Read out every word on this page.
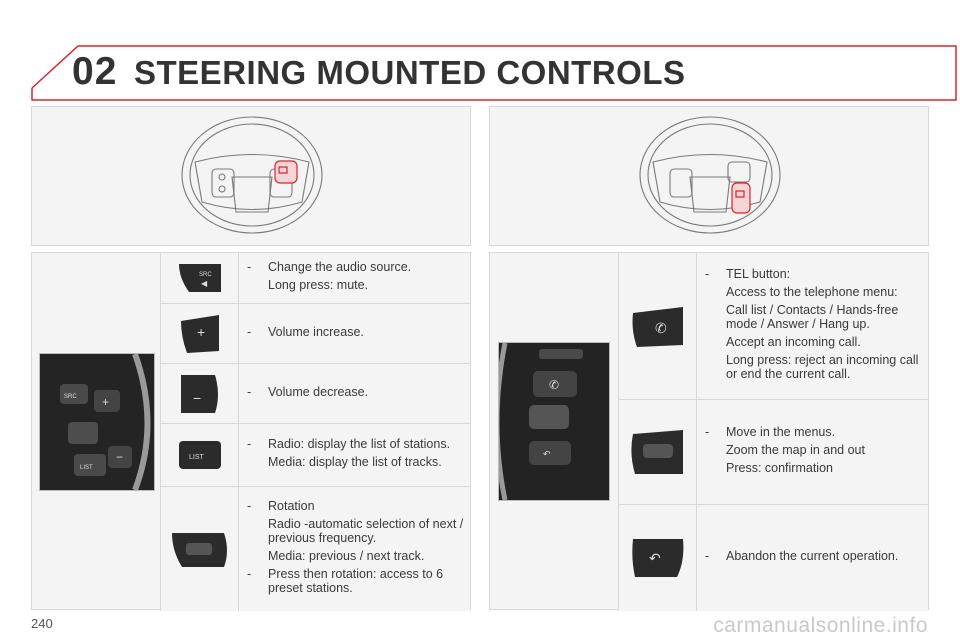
02 STEERING MOUNTED CONTROLS
SRC +
LIST
−
SRC
◀
-	Change the audio source.
Long press: mute.
+	-	Volume increase.
−	-	Volume decrease.
LIST
-	Radio: display the list of stations.
Media: display the list of tracks.
-	Rotation
Radio -automatic selection of next / previous frequency.
Media: previous / next track.
-	Press then rotation: access to 6 preset stations.
✆
↶
✆
-	TEL button:
Access to the telephone menu:
Call list / Contacts / Hands-free mode / Answer / Hang up.
Accept an incoming call.
Long press: reject an incoming call or end the current call.
-	Move in the menus.
Zoom the map in and out
Press: confirmation
↶	-	Abandon the current operation.
240	carmanualsonline.info
